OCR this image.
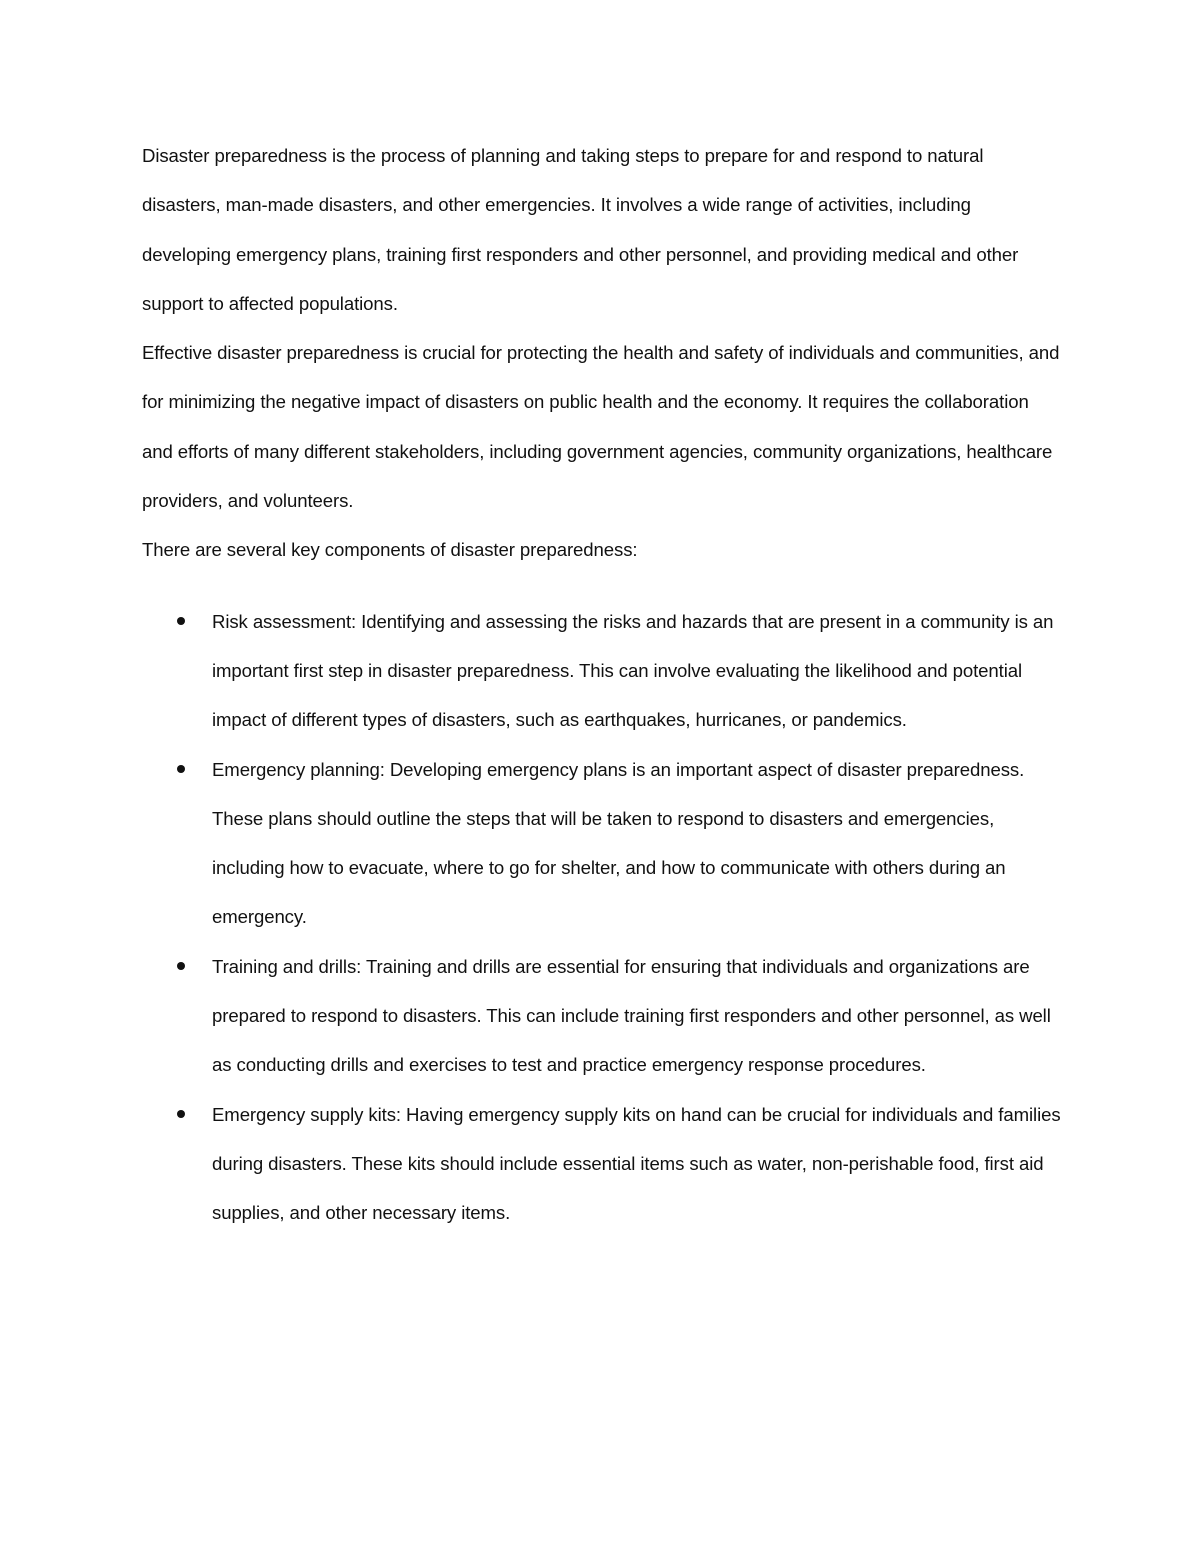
Disaster preparedness is the process of planning and taking steps to prepare for and respond to natural disasters, man-made disasters, and other emergencies. It involves a wide range of activities, including developing emergency plans, training first responders and other personnel, and providing medical and other support to affected populations.

Effective disaster preparedness is crucial for protecting the health and safety of individuals and communities, and for minimizing the negative impact of disasters on public health and the economy. It requires the collaboration and efforts of many different stakeholders, including government agencies, community organizations, healthcare providers, and volunteers.

There are several key components of disaster preparedness:

Risk assessment: Identifying and assessing the risks and hazards that are present in a community is an important first step in disaster preparedness. This can involve evaluating the likelihood and potential impact of different types of disasters, such as earthquakes, hurricanes, or pandemics.
Emergency planning: Developing emergency plans is an important aspect of disaster preparedness. These plans should outline the steps that will be taken to respond to disasters and emergencies, including how to evacuate, where to go for shelter, and how to communicate with others during an emergency.
Training and drills: Training and drills are essential for ensuring that individuals and organizations are prepared to respond to disasters. This can include training first responders and other personnel, as well as conducting drills and exercises to test and practice emergency response procedures.
Emergency supply kits: Having emergency supply kits on hand can be crucial for individuals and families during disasters. These kits should include essential items such as water, non-perishable food, first aid supplies, and other necessary items.
